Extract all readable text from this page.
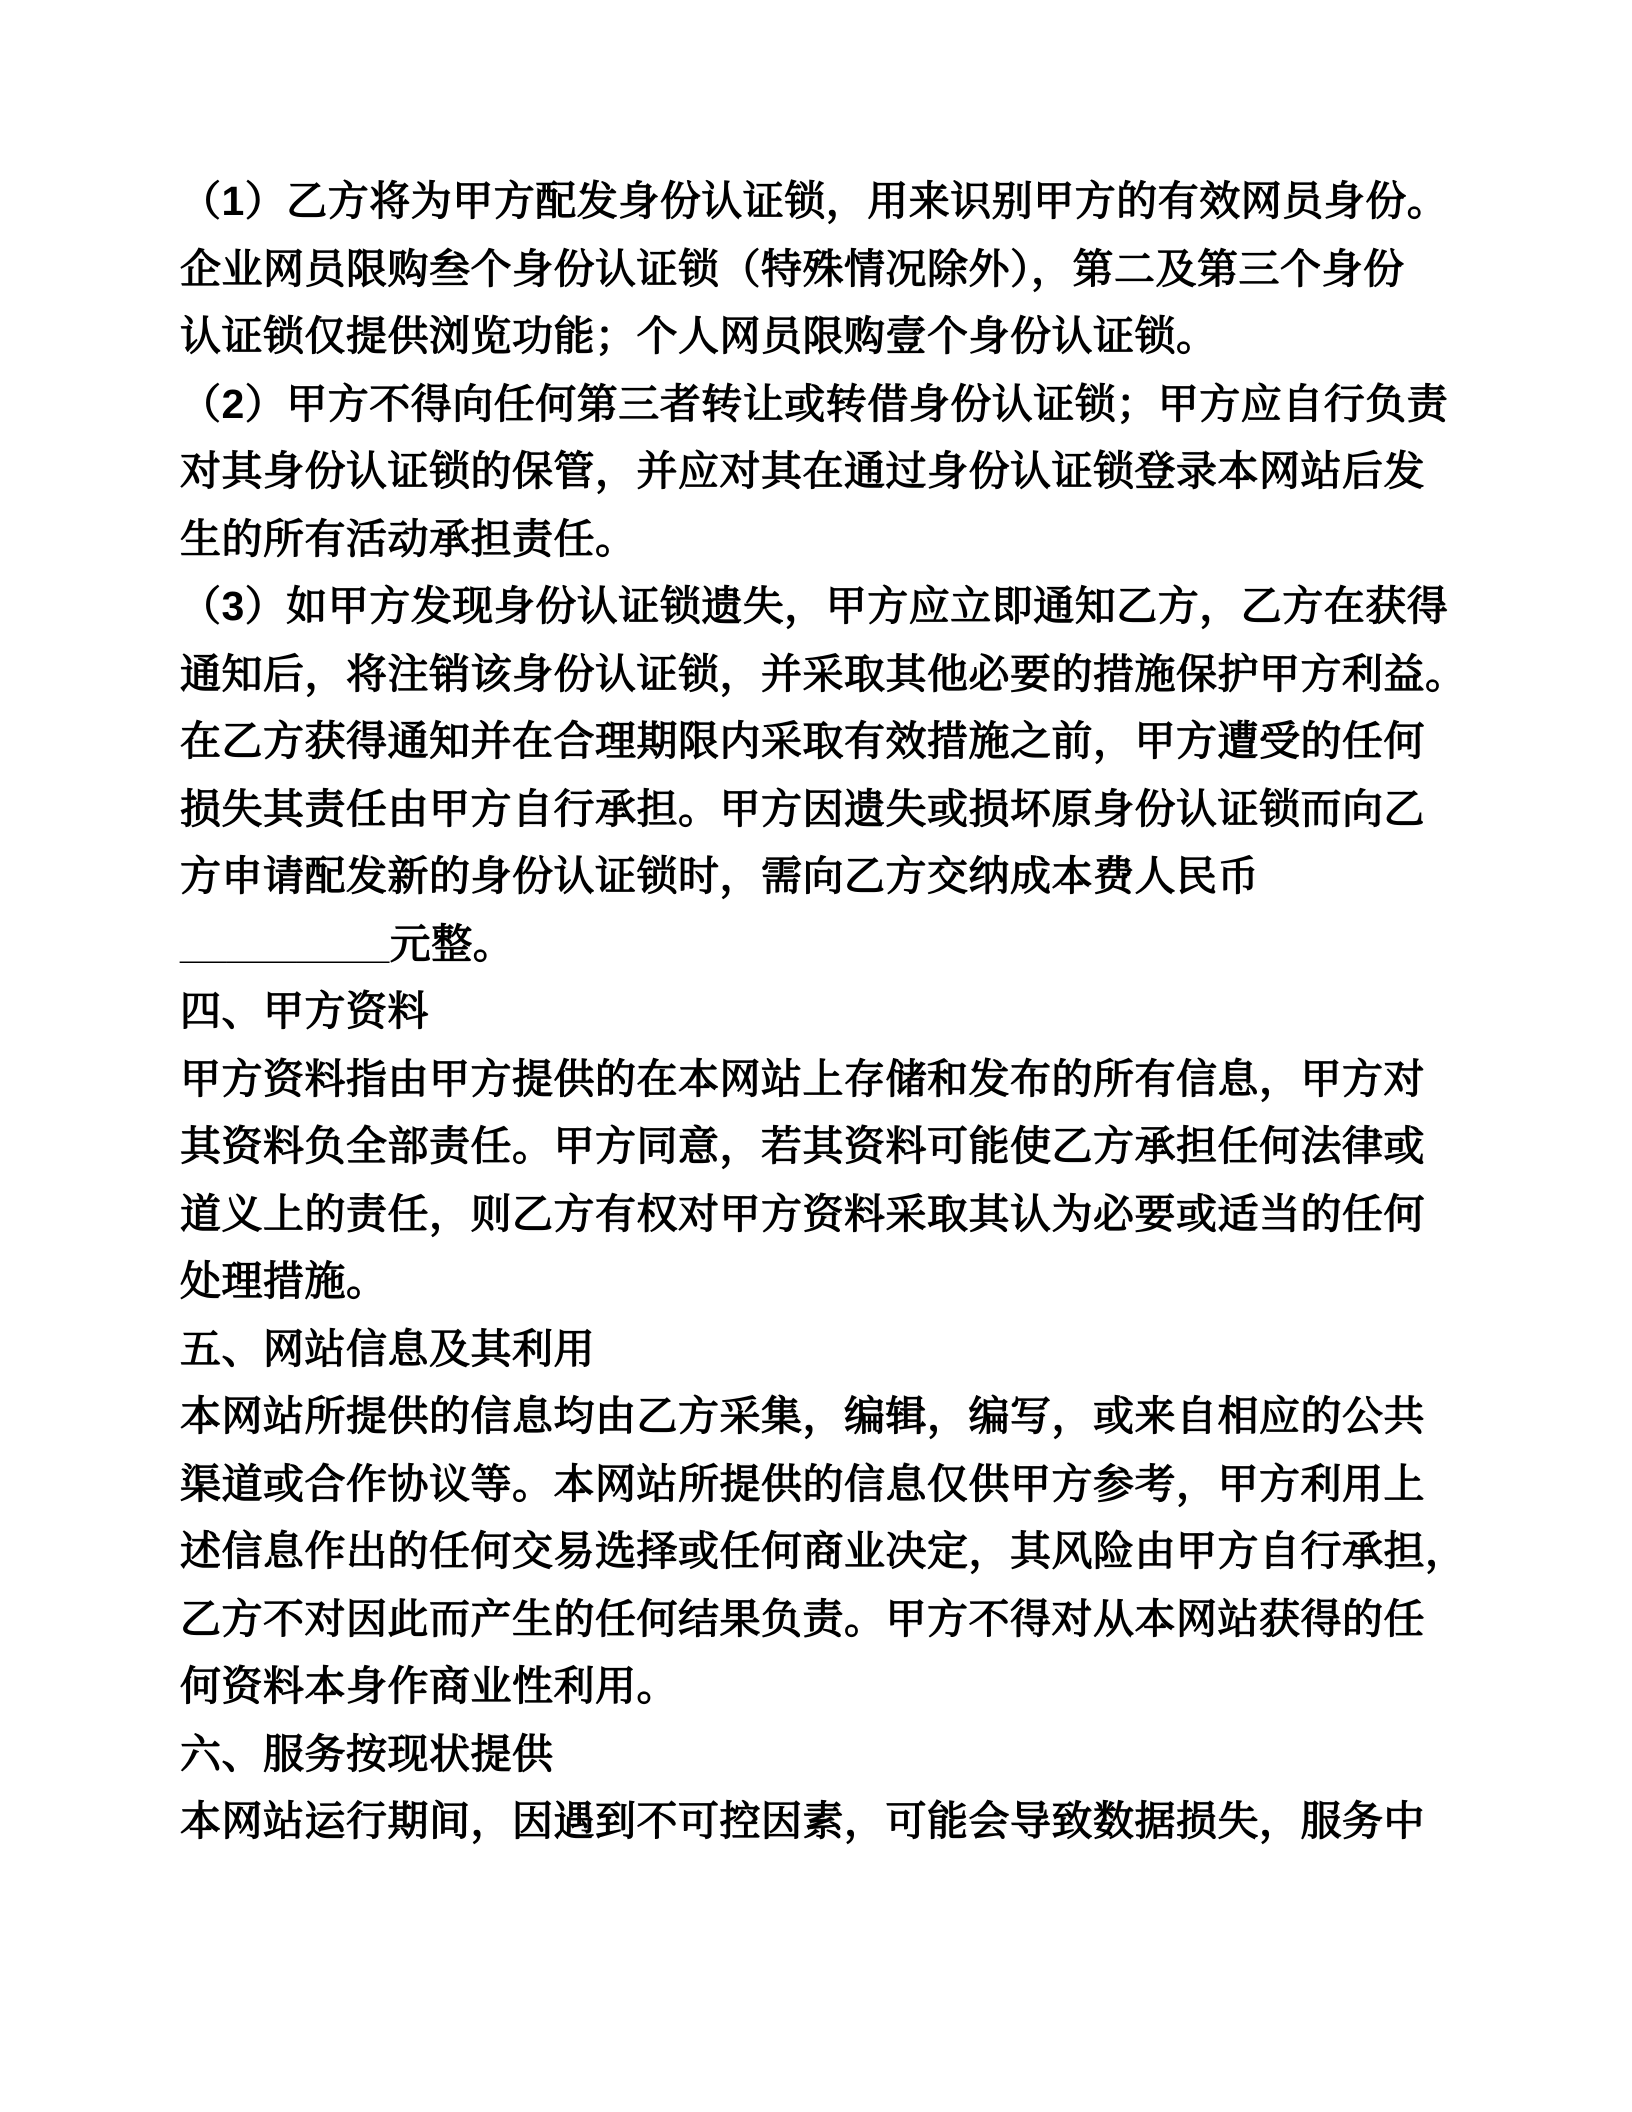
（1）乙方将为甲方配发身份认证锁，用来识别甲方的有效网员身份。
企业网员限购叁个身份认证锁（特殊情况除外），第二及第三个身份
认证锁仅提供浏览功能；个人网员限购壹个身份认证锁。
（2）甲方不得向任何第三者转让或转借身份认证锁；甲方应自行负责
对其身份认证锁的保管，并应对其在通过身份认证锁登录本网站后发
生的所有活动承担责任。
（3）如甲方发现身份认证锁遗失，甲方应立即通知乙方，乙方在获得
通知后，将注销该身份认证锁，并采取其他必要的措施保护甲方利益。
在乙方获得通知并在合理期限内采取有效措施之前，甲方遭受的任何
损失其责任由甲方自行承担。甲方因遗失或损坏原身份认证锁而向乙
方申请配发新的身份认证锁时，需向乙方交纳成本费人民币
_________元整。
四、甲方资料
甲方资料指由甲方提供的在本网站上存储和发布的所有信息，甲方对
其资料负全部责任。甲方同意，若其资料可能使乙方承担任何法律或
道义上的责任，则乙方有权对甲方资料采取其认为必要或适当的任何
处理措施。
五、网站信息及其利用
本网站所提供的信息均由乙方采集，编辑，编写，或来自相应的公共
渠道或合作协议等。本网站所提供的信息仅供甲方参考，甲方利用上
述信息作出的任何交易选择或任何商业决定，其风险由甲方自行承担，
乙方不对因此而产生的任何结果负责。甲方不得对从本网站获得的任
何资料本身作商业性利用。
六、服务按现状提供
本网站运行期间，因遇到不可控因素，可能会导致数据损失，服务中
